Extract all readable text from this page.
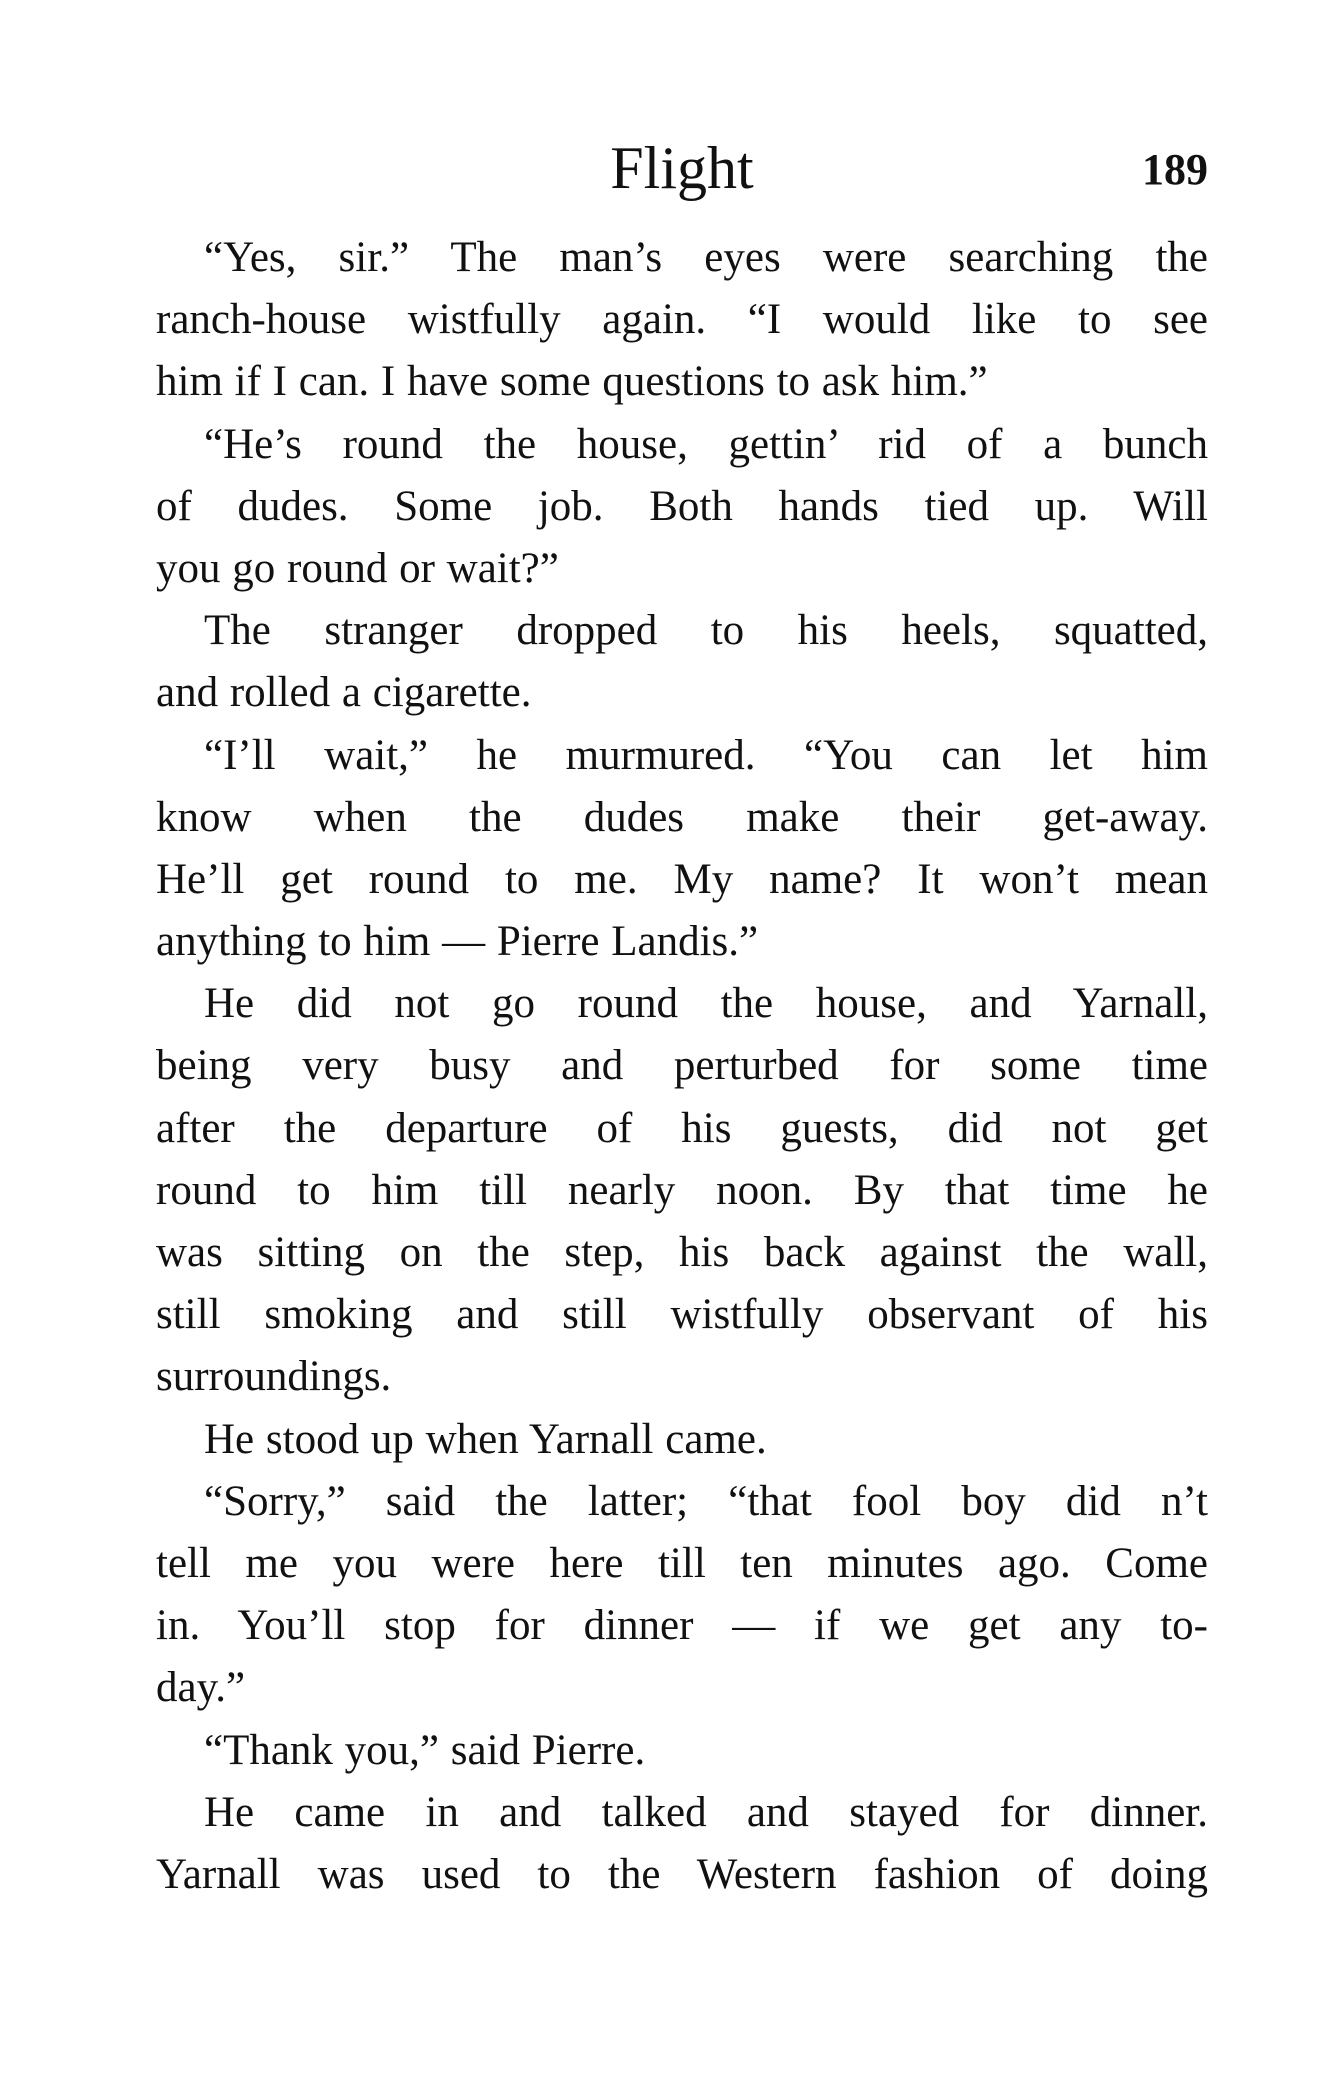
Flight	189
“Yes, sir.” The man’s eyes were searching the
ranch-house wistfully again. “I would like to see
him if I can. I have some questions to ask him.”
“He’s round the house, gettin’ rid of a bunch
of dudes. Some job. Both hands tied up. Will
you go round or wait?”
The stranger dropped to his heels, squatted,
and rolled a cigarette.
“I’ll wait,” he murmured. “You can let him
know when the dudes make their get-away.
He’ll get round to me. My name? It won’t mean
anything to him — Pierre Landis.”
He did not go round the house, and Yarnall,
being very busy and perturbed for some time
after the departure of his guests, did not get
round to him till nearly noon. By that time he
was sitting on the step, his back against the wall,
still smoking and still wistfully observant of his
surroundings.
He stood up when Yarnall came.
“Sorry,” said the latter; “that fool boy did n’t
tell me you were here till ten minutes ago. Come
in. You’ll stop for dinner — if we get any to-
day.”
“Thank you,” said Pierre.
He came in and talked and stayed for dinner.
Yarnall was used to the Western fashion of doing
